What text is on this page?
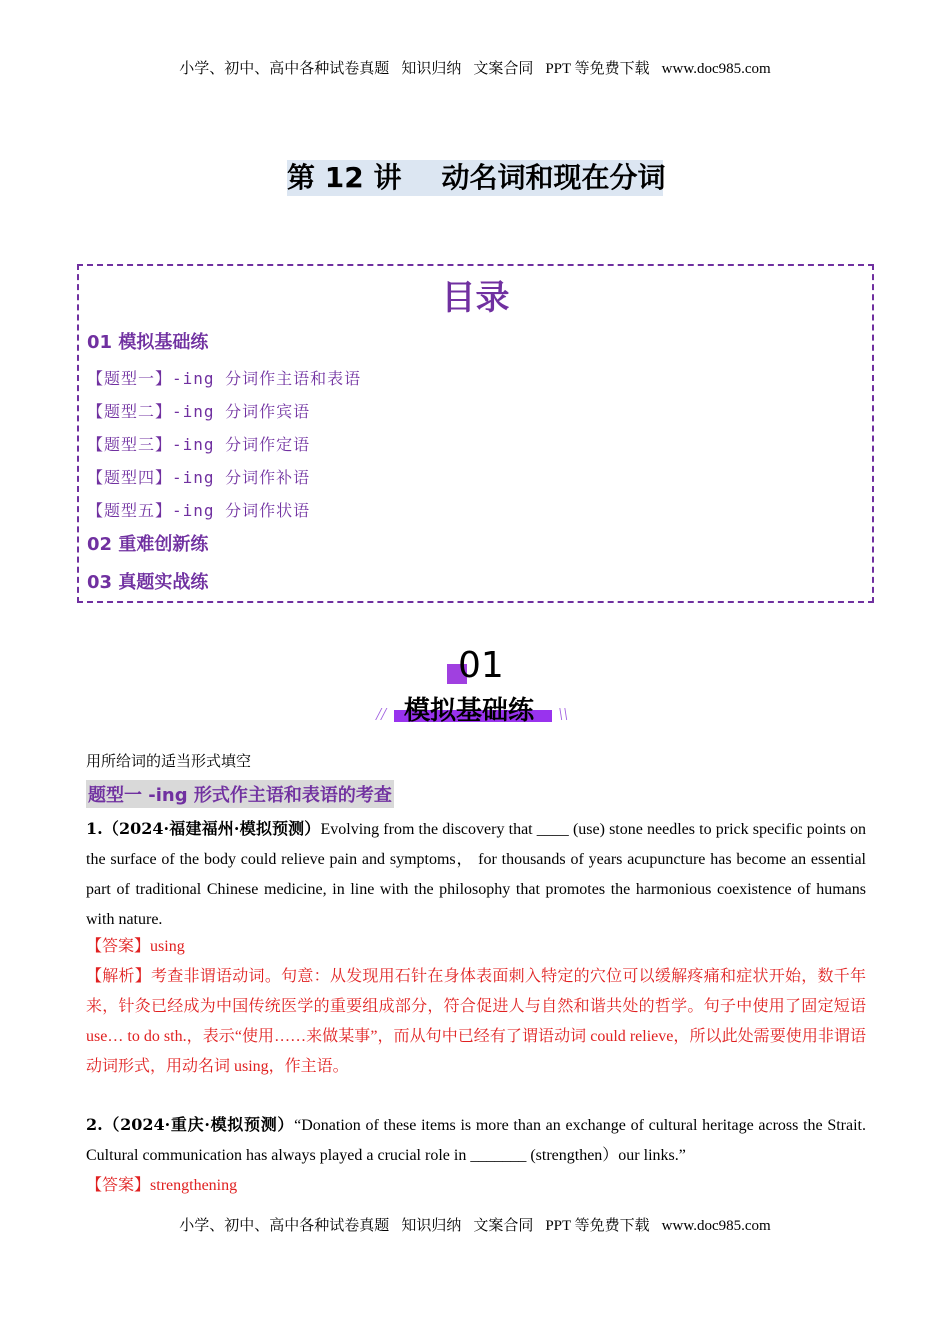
小学、初中、高中各种试卷真题 知识归纳 文案合同 PPT 等免费下载 www.doc985.com
第 12 讲 动名词和现在分词
目录
01 模拟基础练
【题型一】-ing 分词作主语和表语
【题型二】-ing 分词作宾语
【题型三】-ing 分词作定语
【题型四】-ing 分词作补语
【题型五】-ing 分词作状语
02 重难创新练
03 真题实战练
01
模拟基础练
//	\\
用所给词的适当形式填空
题型一 -ing 形式作主语和表语的考查
1.（2024·福建福州·模拟预测）Evolving from the discovery that ____ (use) stone needles to prick specific points on the surface of the body could relieve pain and symptoms， for thousands of years acupuncture has become an essential part of traditional Chinese medicine, in line with the philosophy that promotes the harmonious coexistence of humans with nature.
【答案】using
【解析】考查非谓语动词。句意：从发现用石针在身体表面刺入特定的穴位可以缓解疼痛和症状开始，数千年来，针灸已经成为中国传统医学的重要组成部分，符合促进人与自然和谐共处的哲学。句子中使用了固定短语 use… to do sth.，表示“使用……来做某事”，而从句中已经有了谓语动词 could relieve，所以此处需要使用非谓语动词形式，用动名词 using，作主语。
2.（2024·重庆·模拟预测）“Donation of these items is more than an exchange of cultural heritage across the Strait. Cultural communication has always played a crucial role in _______ (strengthen）our links.”
【答案】strengthening
小学、初中、高中各种试卷真题 知识归纳 文案合同 PPT 等免费下载 www.doc985.com
